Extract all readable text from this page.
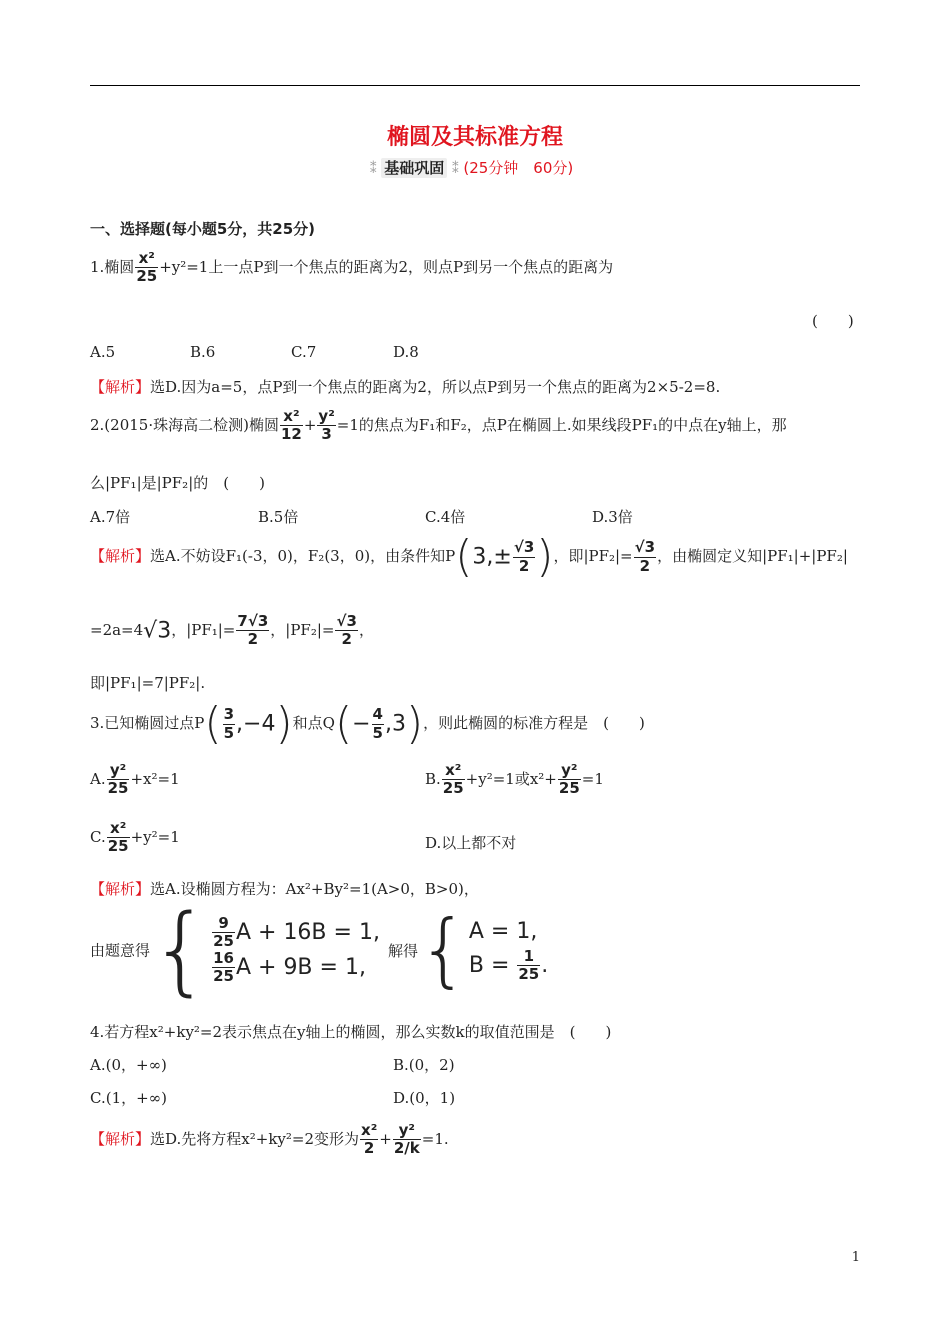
椭圆及其标准方程
⁑ 基础巩固 ⁑ (25分钟　60分)
一、选择题(每小题5分，共25分)
1.椭圆 $\frac{\text{x²}}{25} +y^2=1$上一点P到一个焦点的距离为2，则点P到另一个焦点的距离为
(　　)
A.5	B.6	C.7	D.8
【解析】选D.因为a=5，点P到一个焦点的距离为2，所以点P到另一个焦点的距离为2×5-2=8.
2.(2015·珠海高二检测)椭圆 $\frac{\text{x²}}{12} + \frac{\text{y²}}{3} =1$的焦点为F₁和F₂，点P在椭圆上.如果线段PF₁的中点在y轴上，那
么|PF₁|是|PF₂|的　(　　)
A.7倍	B.5倍	C.4倍	D.3倍
【解析】选A.不妨设F₁(-3，0)，F₂(3，0)，由条件知$P(3,\pm \frac{√3}{2}$ )，即$|PF_2|= \frac{√3}{2}$ ，由椭圆定义知|PF₁|+|PF₂|
=2a=4√3，$|PF_1|= \frac{7√3}{2}$ ，$|PF_2|= \frac{√3}{2}$ ，
即|PF₁|=7|PF₂|.
3.已知椭圆过点$P( \frac{3}{5} ,-4)$和点$Q(- \frac{4}{5} ,3)$，则此椭圆的标准方程是　(　　)
A. $\frac{\text{y²}}{25} +x^2=1$	B. $\frac{\text{x²}}{25} +y^2=1$或$x^2+ \frac{\text{y²}}{25} =1$
C. $\frac{\text{x²}}{25} +y^2=1$	D.以上都不对
【解析】选A.设椭圆方程为：Ax²+By²=1(A>0，B>0)，
由题意得{ $\frac{9}{25}$ A + 16B = 1,
$\frac{16}{25}$ A + 9B = 1,
解得{ A = 1,
$B = \frac{1}{25}$ .
4.若方程x²+ky²=2表示焦点在y轴上的椭圆，那么实数k的取值范围是　(　　)
A.(0，+∞)	B.(0，2)
C.(1，+∞)	D.(0，1)
【解析】选D.先将方程x²+ky²=2变形为 $\frac{\text{x²}}{2} + \frac{\text{y²}}{2/k} =1$.
1
